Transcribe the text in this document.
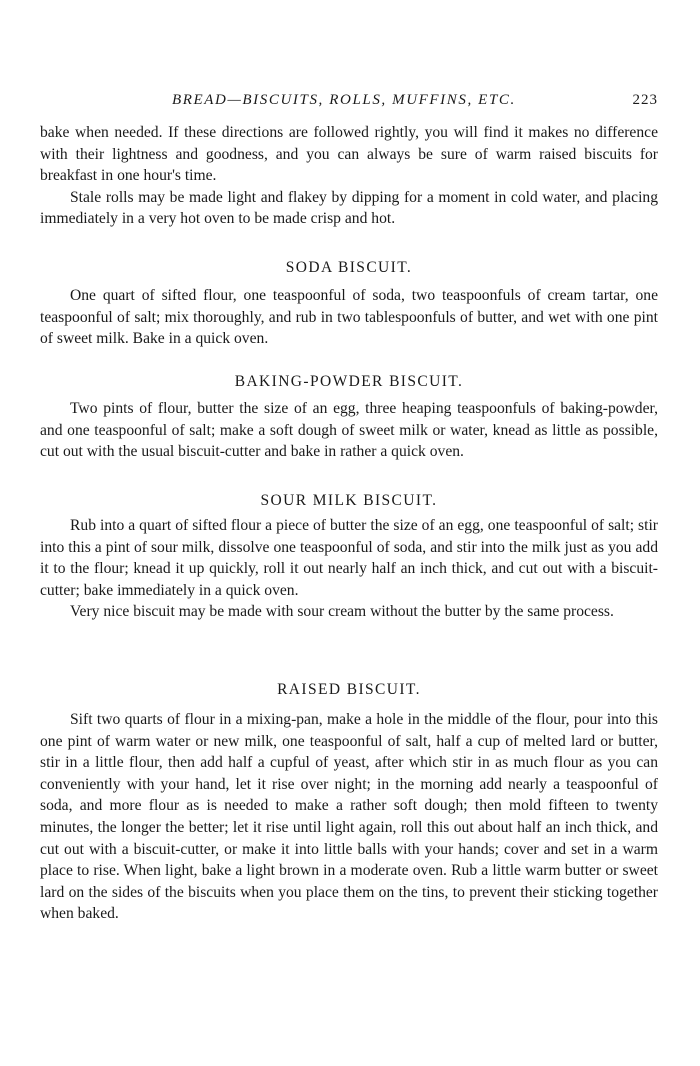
BREAD—BISCUITS, ROLLS, MUFFINS, ETC.	223

bake when needed. If these directions are followed rightly, you will find it makes no difference with their lightness and goodness, and you can always be sure of warm raised biscuits for breakfast in one hour's time.

Stale rolls may be made light and flakey by dipping for a moment in cold water, and placing immediately in a very hot oven to be made crisp and hot.

SODA BISCUIT.

One quart of sifted flour, one teaspoonful of soda, two teaspoonfuls of cream tartar, one teaspoonful of salt; mix thoroughly, and rub in two tablespoonfuls of butter, and wet with one pint of sweet milk. Bake in a quick oven.

BAKING-POWDER BISCUIT.

Two pints of flour, butter the size of an egg, three heaping teaspoonfuls of baking-powder, and one teaspoonful of salt; make a soft dough of sweet milk or water, knead as little as possible, cut out with the usual biscuit-cutter and bake in rather a quick oven.

SOUR MILK BISCUIT.

Rub into a quart of sifted flour a piece of butter the size of an egg, one teaspoonful of salt; stir into this a pint of sour milk, dissolve one teaspoonful of soda, and stir into the milk just as you add it to the flour; knead it up quickly, roll it out nearly half an inch thick, and cut out with a biscuit-cutter; bake immediately in a quick oven.

Very nice biscuit may be made with sour cream without the butter by the same process.

RAISED BISCUIT.

Sift two quarts of flour in a mixing-pan, make a hole in the middle of the flour, pour into this one pint of warm water or new milk, one teaspoonful of salt, half a cup of melted lard or butter, stir in a little flour, then add half a cupful of yeast, after which stir in as much flour as you can conveniently with your hand, let it rise over night; in the morning add nearly a teaspoonful of soda, and more flour as is needed to make a rather soft dough; then mold fifteen to twenty minutes, the longer the better; let it rise until light again, roll this out about half an inch thick, and cut out with a biscuit-cutter, or make it into little balls with your hands; cover and set in a warm place to rise. When light, bake a light brown in a moderate oven. Rub a little warm butter or sweet lard on the sides of the biscuits when you place them on the tins, to prevent their sticking together when baked.
